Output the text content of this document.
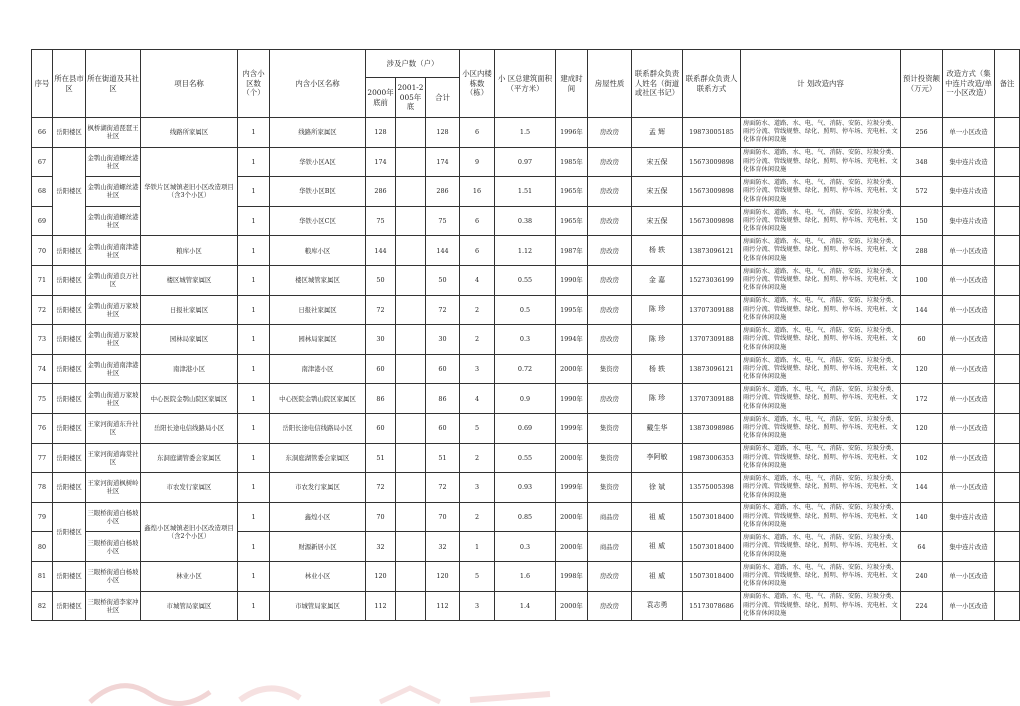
序号	所在县市区	所在街道及其社区	项目名称	内含小区数（个）	内含小区名称	涉及户数（户）			小区内楼栋数（栋）	小 区总建筑面积（平方米）	建成时间	房屋性质	联系群众负责人姓名（街道或社区书记）	联系群众负责人联系方式	计 划改造内容	预计投资额（万元）	改造方式（集中连片改造/单一小区改造）	备注
						2000年底前	2001-2005年底	合计										
66	岳阳楼区	枫桥湖街道琵琶王社区	线路所家属区	1	线路所家属区	128		128	6	1.5	1996年	房改房	孟 辉	19873005185	房面防水、道路、水、电、气、消防、安防、垃圾分类、雨污分流、管线规整、绿化、照明、停车场、充电桩、文化体育休闲设施	256	单一小区改造	
67	岳阳楼区	金鹗山街道螺丝港社区	华铁片区城镇老旧小区改造项目（含3个小区）	1	华铁小区A区	174		174	9	0.97	1985年	房改房	宋五保	15673009898	房面防水、道路、水、电、气、消防、安防、垃圾分类、雨污分流、管线规整、绿化、照明、停车场、充电桩、文化体育休闲设施	348	集中连片改造	
68		金鹗山街道螺丝港社区		1	华铁小区B区	286		286	16	1.51	1965年	房改房	宋五保	15673009898	房面防水、道路、水、电、气、消防、安防、垃圾分类、雨污分流、管线规整、绿化、照明、停车场、充电桩、文化体育休闲设施	572	集中连片改造	
69		金鹗山街道螺丝港社区		1	华铁小区C区	75		75	6	0.38	1965年	房改房	宋五保	15673009898	房面防水、道路、水、电、气、消防、安防、垃圾分类、雨污分流、管线规整、绿化、照明、停车场、充电桩、文化体育休闲设施	150	集中连片改造	
70	岳阳楼区	金鹗山街道南津港社区	粮库小区	1	粮库小区	144		144	6	1.12	1987年	房改房	杨 轶	13873096121	房面防水、道路、水、电、气、消防、安防、垃圾分类、雨污分流、管线规整、绿化、照明、停车场、充电桩、文化体育休闲设施	288	单一小区改造	
71	岳阳楼区	金鹗山街道良万社区	楼区城管家属区	1	楼区城管家属区	50		50	4	0.55	1990年	房改房	金 嘉	15273036199	房面防水、道路、水、电、气、消防、安防、垃圾分类、雨污分流、管线规整、绿化、照明、停车场、充电桩、文化体育休闲设施	100	单一小区改造	
72	岳阳楼区	金鹗山街道万家坡社区	日报社家属区	1	日报社家属区	72		72	2	0.5	1995年	房改房	陈 珍	13707309188	房面防水、道路、水、电、气、消防、安防、垃圾分类、雨污分流、管线规整、绿化、照明、停车场、充电桩、文化体育休闲设施	144	单一小区改造	
73	岳阳楼区	金鹗山街道万家坡社区	园林局家属区	1	园林局家属区	30		30	2	0.3	1994年	房改房	陈 珍	13707309188	房面防水、道路、水、电、气、消防、安防、垃圾分类、雨污分流、管线规整、绿化、照明、停车场、充电桩、文化体育休闲设施	60	单一小区改造	
74	岳阳楼区	金鹗山街道南津港社区	南津港小区	1	南津港小区	60		60	3	0.72	2000年	集资房	杨 轶	13873096121	房面防水、道路、水、电、气、消防、安防、垃圾分类、雨污分流、管线规整、绿化、照明、停车场、充电桩、文化体育休闲设施	120	单一小区改造	
75	岳阳楼区	金鹗山街道万家坡社区	中心医院金鹗山院区家属区	1	中心医院金鹗山院区家属区	86		86	4	0.9	1990年	房改房	陈 珍	13707309188	房面防水、道路、水、电、气、消防、安防、垃圾分类、雨污分流、管线规整、绿化、照明、停车场、充电桩、文化体育休闲设施	172	单一小区改造	
76	岳阳楼区	王家河街道东升社区	岳阳长途电信线路局小区	1	岳阳长途电信线路局小区	60		60	5	0.69	1999年	集资房	戴生华	13873098986	房面防水、道路、水、电、气、消防、安防、垃圾分类、雨污分流、管线规整、绿化、照明、停车场、充电桩、文化体育休闲设施	120	单一小区改造	
77	岳阳楼区	王家河街道海棠社区	东洞庭湖管委会家属区	1	东洞庭湖管委会家属区	51		51	2	0.55	2000年	集资房	李阿敏	19873006353	房面防水、道路、水、电、气、消防、安防、垃圾分类、雨污分流、管线规整、绿化、照明、停车场、充电桩、文化体育休闲设施	102	单一小区改造	
78	岳阳楼区	王家河街道枫树岭社区	市农发行家属区	1	市农发行家属区	72		72	3	0.93	1999年	集资房	徐 斌	13575005398	房面防水、道路、水、电、气、消防、安防、垃圾分类、雨污分流、管线规整、绿化、照明、停车场、充电桩、文化体育休闲设施	144	单一小区改造	
79	岳阳楼区	三眼桥街道白杨坡小区	鑫煌小区城镇老旧小区改造项目（含2个小区）	1	鑫煌小区	70		70	2	0.85	2000年	商品房	祖 威	15073018400	房面防水、道路、水、电、气、消防、安防、垃圾分类、雨污分流、管线规整、绿化、照明、停车场、充电桩、文化体育休闲设施	140	集中连片改造	
80		三眼桥街道白杨坡小区		1	财源新居小区	32		32	1	0.3	2000年	商品房	祖 威	15073018400	房面防水、道路、水、电、气、消防、安防、垃圾分类、雨污分流、管线规整、绿化、照明、停车场、充电桩、文化体育休闲设施	64	集中连片改造	
81	岳阳楼区	三眼桥街道白杨坡小区	林业小区	1	林业小区	120		120	5	1.6	1998年	房改房	祖 威	15073018400	房面防水、道路、水、电、气、消防、安防、垃圾分类、雨污分流、管线规整、绿化、照明、停车场、充电桩、文化体育休闲设施	240	单一小区改造	
82	岳阳楼区	三眼桥街道李家冲社区	市城管局家属区	1	市城管局家属区	112		112	3	1.4	2000年	房改房	袁志勇	15173078686	房面防水、道路、水、电、气、消防、安防、垃圾分类、雨污分流、管线规整、绿化、照明、停车场、充电桩、文化体育休闲设施	224	单一小区改造	
